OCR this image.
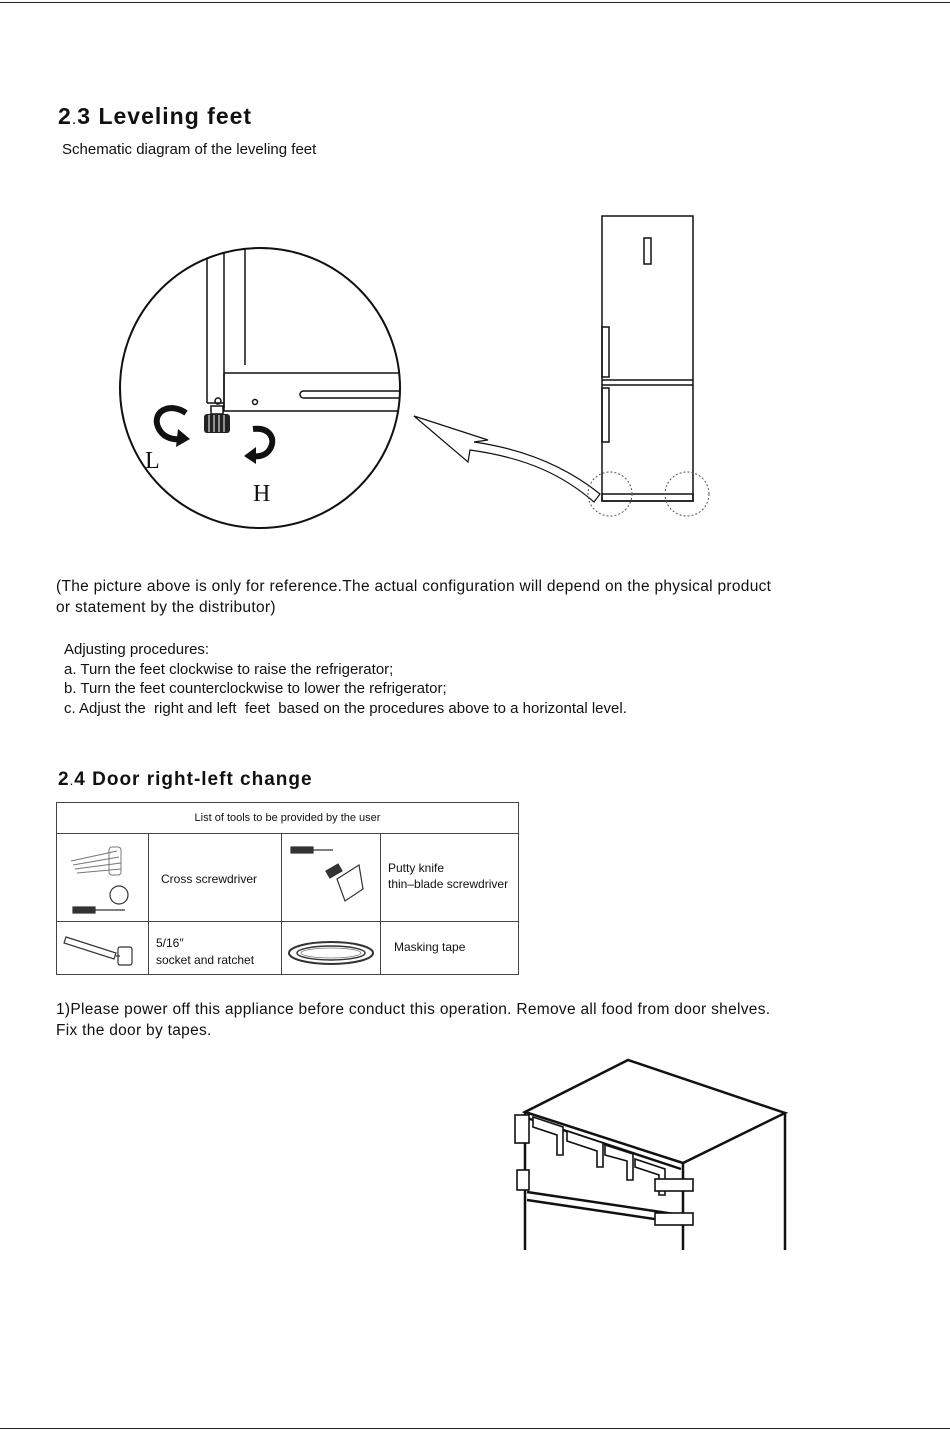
2.3 Leveling feet
Schematic diagram of the leveling feet
L
H
(The picture above is only for reference.The actual configuration will depend on the physical product
or statement by the distributor)
Adjusting procedures:
a. Turn the feet clockwise to raise the refrigerator;
b. Turn the feet counterclockwise to lower the refrigerator;
c. Adjust the  right and left  feet  based on the procedures above to a horizontal level.
2.4 Door right-left change
List of tools to be provided by the user
Cross screwdriver
Putty knife
thin–blade screwdriver
5/16″
socket and ratchet
Masking tape
1)Please power off this appliance before conduct this operation. Remove all food from door shelves.
Fix the door by tapes.
